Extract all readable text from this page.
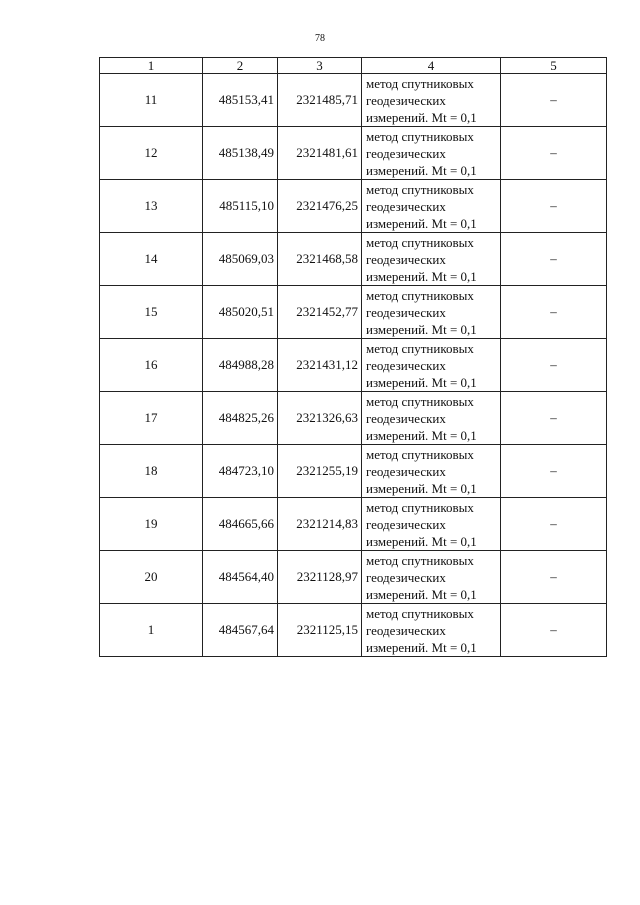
78
1	2	3	4	5
11	485153,41	2321485,71	метод спутниковых
геодезических
измерений. Mt = 0,1	–
12	485138,49	2321481,61	метод спутниковых
геодезических
измерений. Mt = 0,1	–
13	485115,10	2321476,25	метод спутниковых
геодезических
измерений. Mt = 0,1	–
14	485069,03	2321468,58	метод спутниковых
геодезических
измерений. Mt = 0,1	–
15	485020,51	2321452,77	метод спутниковых
геодезических
измерений. Mt = 0,1	–
16	484988,28	2321431,12	метод спутниковых
геодезических
измерений. Mt = 0,1	–
17	484825,26	2321326,63	метод спутниковых
геодезических
измерений. Mt = 0,1	–
18	484723,10	2321255,19	метод спутниковых
геодезических
измерений. Mt = 0,1	–
19	484665,66	2321214,83	метод спутниковых
геодезических
измерений. Mt = 0,1	–
20	484564,40	2321128,97	метод спутниковых
геодезических
измерений. Mt = 0,1	–
1	484567,64	2321125,15	метод спутниковых
геодезических
измерений. Mt = 0,1	–
